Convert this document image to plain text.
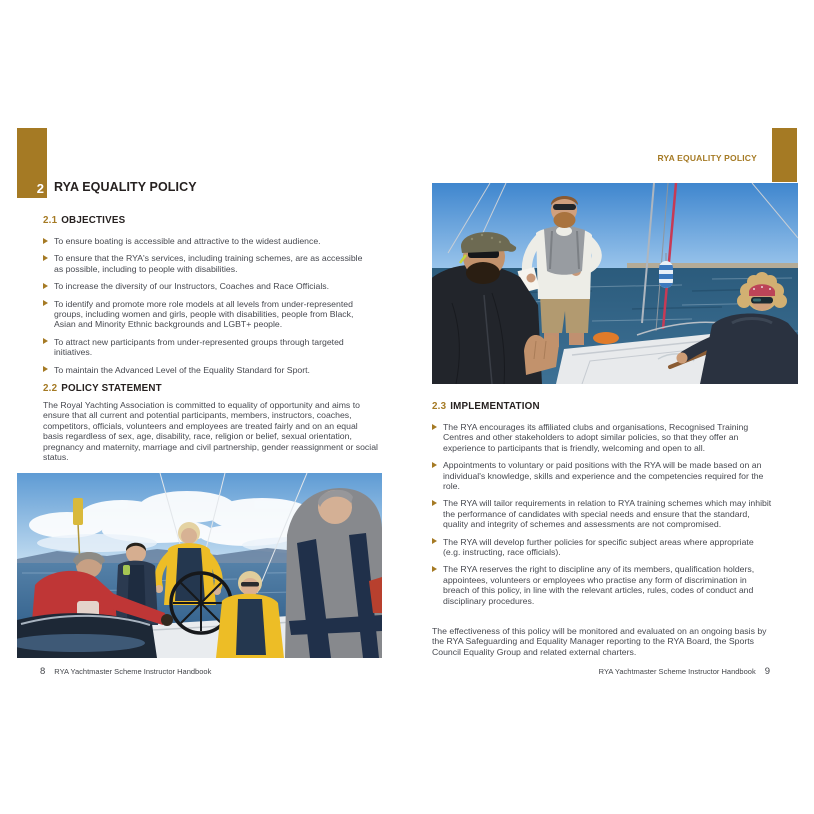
2 RYA EQUALITY POLICY
2.1 OBJECTIVES
To ensure boating is accessible and attractive to the widest audience.
To ensure that the RYA's services, including training schemes, are as accessible as possible, including to people with disabilities.
To increase the diversity of our Instructors, Coaches and Race Officials.
To identify and promote more role models at all levels from under-represented groups, including women and girls, people with disabilities, people from Black, Asian and Minority Ethnic backgrounds and LGBT+ people.
To attract new participants from under-represented groups through targeted initiatives.
To maintain the Advanced Level of the Equality Standard for Sport.
2.2 POLICY STATEMENT

The Royal Yachting Association is committed to equality of opportunity and aims to ensure that all current and potential participants, members, instructors, coaches, competitors, officials, volunteers and employees are treated fairly and on an equal basis regardless of sex, age, disability, race, religion or belief, sexual orientation, pregnancy and maternity, marriage and civil partnership, gender reassignment or social status.

8 RYA Yachtmaster Scheme Instructor Handbook
RYA EQUALITY POLICY
2.3 IMPLEMENTATION
The RYA encourages its affiliated clubs and organisations, Recognised Training Centres and other stakeholders to adopt similar policies, so that they offer an experience to participants that is friendly, welcoming and open to all.
Appointments to voluntary or paid positions with the RYA will be made based on an individual's knowledge, skills and experience and the competencies required for the role.
The RYA will tailor requirements in relation to RYA training schemes which may inhibit the performance of candidates with special needs and ensure that the standard, quality and integrity of schemes and assessments are not compromised.
The RYA will develop further policies for specific subject areas where appropriate (e.g. instructing, race officials).
The RYA reserves the right to discipline any of its members, qualification holders, appointees, volunteers or employees who practise any form of discrimination in breach of this policy, in line with the relevant articles, rules, codes of conduct and disciplinary procedures.

The effectiveness of this policy will be monitored and evaluated on an ongoing basis by the RYA Safeguarding and Equality Manager reporting to the RYA Board, the Sports Council Equality Group and related external charters.

RYA Yachtmaster Scheme Instructor Handbook 9
